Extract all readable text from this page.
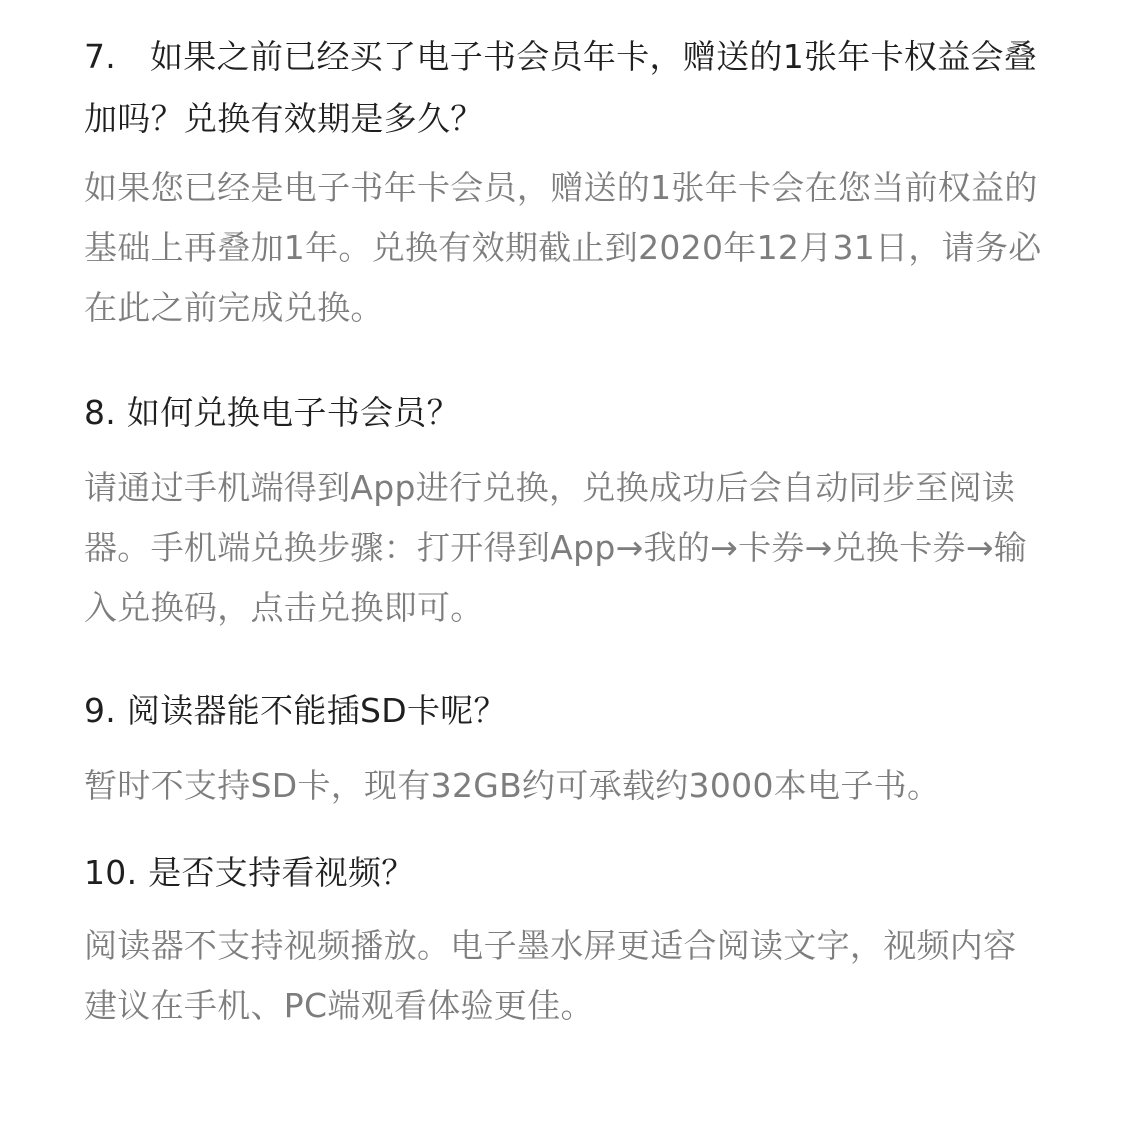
7. 如果之前已经买了电子书会员年卡，赠送的1张年卡权益会叠加吗？兑换有效期是多久？

如果您已经是电子书年卡会员，赠送的1张年卡会在您当前权益的基础上再叠加1年。兑换有效期截止到2020年12月31日，请务必在此之前完成兑换。

8. 如何兑换电子书会员？

请通过手机端得到App进行兑换，兑换成功后会自动同步至阅读器。手机端兑换步骤：打开得到App→我的→卡券→兑换卡券→输入兑换码，点击兑换即可。

9. 阅读器能不能插SD卡呢？

暂时不支持SD卡，现有32GB约可承载约3000本电子书。

10. 是否支持看视频？

阅读器不支持视频播放。电子墨水屏更适合阅读文字，视频内容建议在手机、PC端观看体验更佳。
